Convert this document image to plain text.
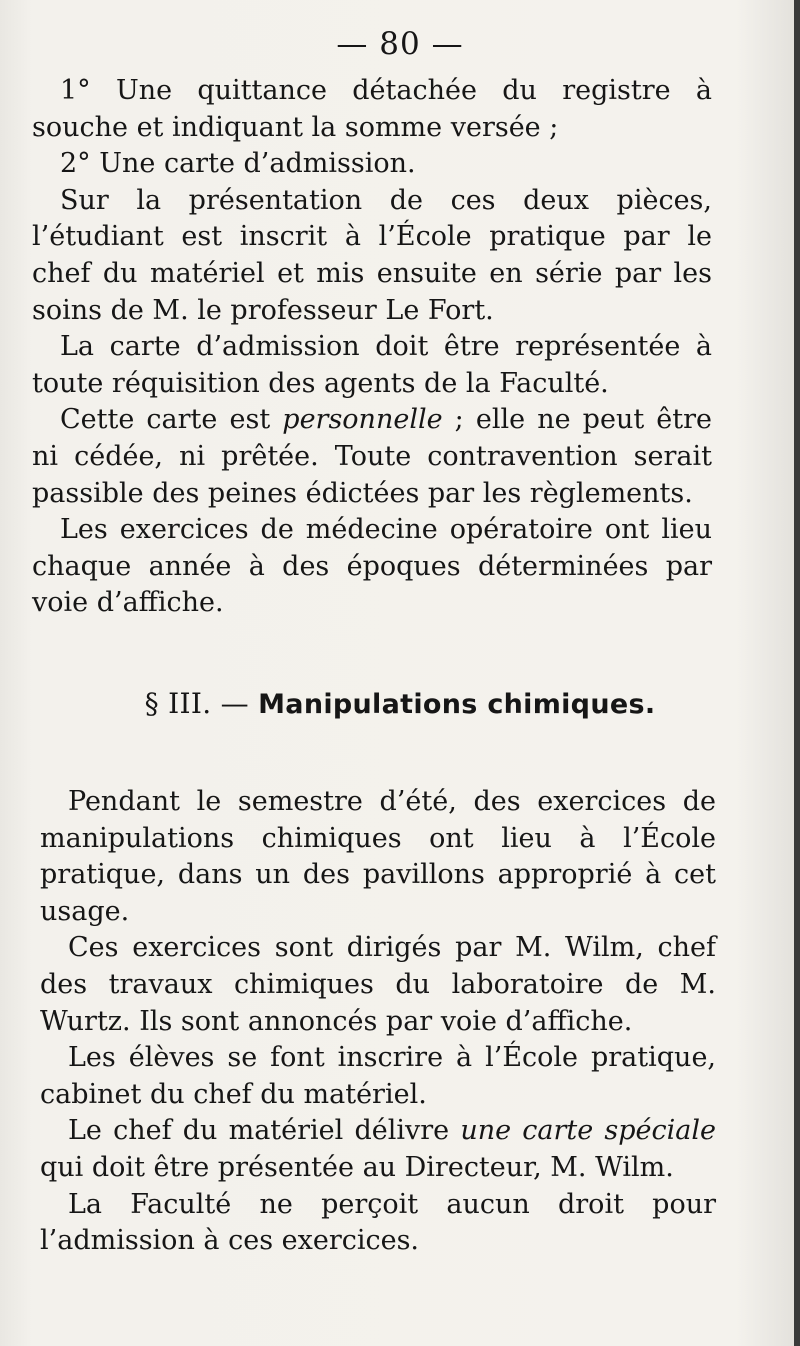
— 80 —

1° Une quittance détachée du registre à souche et indiquant la somme versée ;

2° Une carte d’admission.

Sur la présentation de ces deux pièces, l’étudiant est inscrit à l’École pratique par le chef du matériel et mis ensuite en série par les soins de M. le professeur Le Fort.

La carte d’admission doit être représentée à toute réquisition des agents de la Faculté.

Cette carte est personnelle ; elle ne peut être ni cédée, ni prêtée. Toute contravention serait passible des peines édictées par les règlements.

Les exercices de médecine opératoire ont lieu chaque année à des époques déterminées par voie d’affiche.

§ III. — Manipulations chimiques.

Pendant le semestre d’été, des exercices de manipulations chimiques ont lieu à l’École pratique, dans un des pavillons approprié à cet usage.

Ces exercices sont dirigés par M. Wilm, chef des travaux chimiques du laboratoire de M. Wurtz. Ils sont annoncés par voie d’affiche.

Les élèves se font inscrire à l’École pratique, cabinet du chef du matériel.

Le chef du matériel délivre une carte spéciale qui doit être présentée au Directeur, M. Wilm.

La Faculté ne perçoit aucun droit pour l’admission à ces exercices.
